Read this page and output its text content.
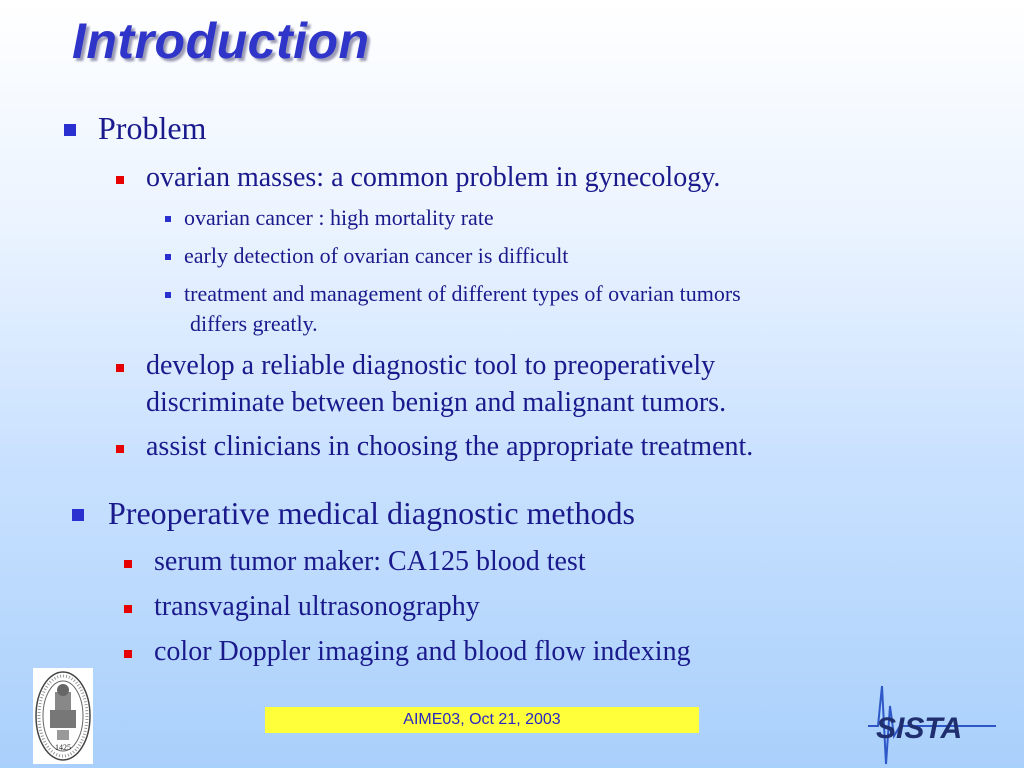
Introduction
Problem
ovarian masses: a common problem in gynecology.
ovarian cancer : high mortality rate
early detection of ovarian cancer is difficult
treatment and management of different types of ovarian tumors
differs greatly.
develop a reliable diagnostic tool to preoperatively
discriminate between benign and malignant tumors.
assist clinicians in choosing the appropriate treatment.
Preoperative medical diagnostic methods
serum tumor maker: CA125 blood test
transvaginal ultrasonography
color Doppler imaging and blood flow indexing
AIME03, Oct 21, 2003
1425
SISTA
